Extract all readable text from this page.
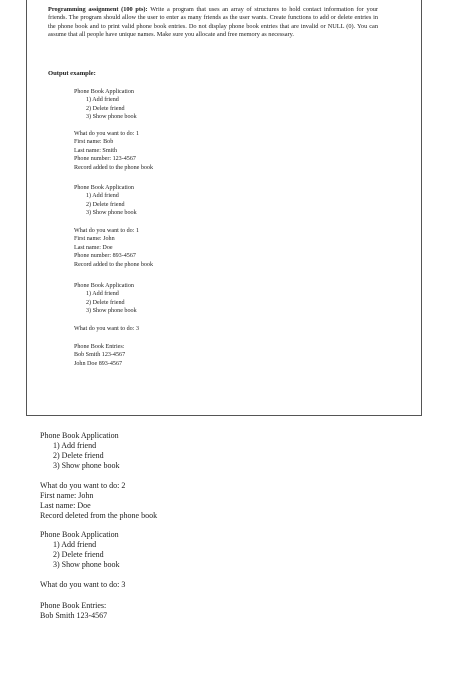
Programming assignment (100 pts): Write a program that uses an array of structures to hold contact information for your friends. The program should allow the user to enter as many friends as the user wants. Create functions to add or delete entries in the phone book and to print valid phone book entries. Do not display phone book entries that are invalid or NULL (0). You can assume that all people have unique names. Make sure you allocate and free memory as necessary.
Output example:
Phone Book Application
1) Add friend
2) Delete friend
3) Show phone book
What do you want to do: 1
First name: Bob
Last name: Smith
Phone number: 123-4567
Record added to the phone book
Phone Book Application
1) Add friend
2) Delete friend
3) Show phone book
What do you want to do: 1
First name: John
Last name: Doe
Phone number: 893-4567
Record added to the phone book
Phone Book Application
1) Add friend
2) Delete friend
3) Show phone book
What do you want to do: 3
Phone Book Entries:
Bob Smith 123-4567
John Doe 893-4567
Phone Book Application
1) Add friend
2) Delete friend
3) Show phone book
What do you want to do: 2
First name: John
Last name: Doe
Record deleted from the phone book
Phone Book Application
1) Add friend
2) Delete friend
3) Show phone book
What do you want to do: 3
Phone Book Entries:
Bob Smith 123-4567
